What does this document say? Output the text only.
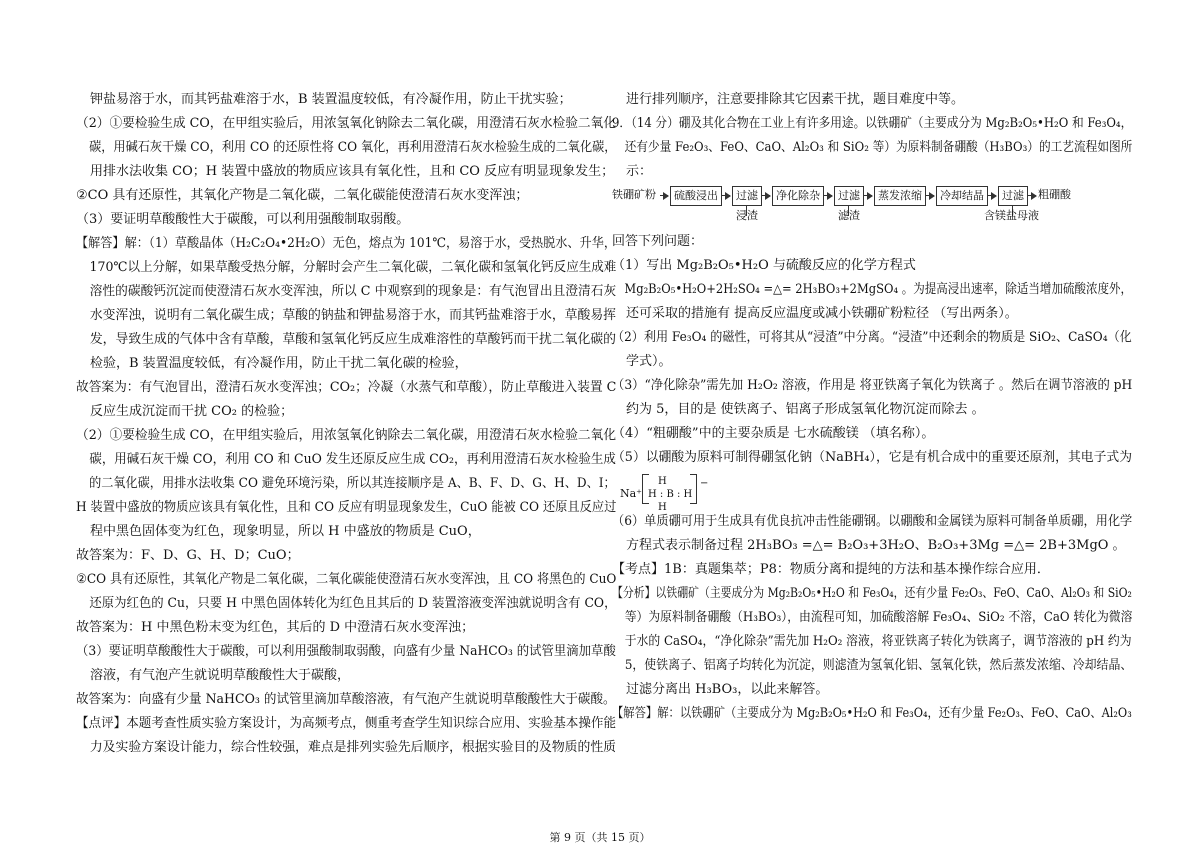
钾盐易溶于水，而其钙盐难溶于水，B 装置温度较低，有冷凝作用，防止干扰实验；
（2）①要检验生成 CO，在甲组实验后，用浓氢氧化钠除去二氧化碳，用澄清石灰水检验二氧化
碳，用碱石灰干燥 CO，利用 CO 的还原性将 CO 氧化，再利用澄清石灰水检验生成的二氧化碳，
用排水法收集 CO；H 装置中盛放的物质应该具有氧化性，且和 CO 反应有明显现象发生；
②CO 具有还原性，其氧化产物是二氧化碳，二氧化碳能使澄清石灰水变浑浊；
（3）要证明草酸酸性大于碳酸，可以利用强酸制取弱酸。
【解答】解：（1）草酸晶体（H₂C₂O₄•2H₂O）无色，熔点为 101℃，易溶于水，受热脱水、升华，
170℃以上分解，如果草酸受热分解，分解时会产生二氧化碳，二氧化碳和氢氧化钙反应生成难
溶性的碳酸钙沉淀而使澄清石灰水变浑浊，所以 C 中观察到的现象是：有气泡冒出且澄清石灰
水变浑浊，说明有二氧化碳生成；草酸的钠盐和钾盐易溶于水，而其钙盐难溶于水，草酸易挥
发，导致生成的气体中含有草酸，草酸和氢氧化钙反应生成难溶性的草酸钙而干扰二氧化碳的
检验，B 装置温度较低，有冷凝作用，防止干扰二氧化碳的检验，
故答案为：有气泡冒出，澄清石灰水变浑浊；CO₂；冷凝（水蒸气和草酸），防止草酸进入装置 C
反应生成沉淀而干扰 CO₂ 的检验；
（2）①要检验生成 CO，在甲组实验后，用浓氢氧化钠除去二氧化碳，用澄清石灰水检验二氧化
碳，用碱石灰干燥 CO，利用 CO 和 CuO 发生还原反应生成 CO₂，再利用澄清石灰水检验生成
的二氧化碳，用排水法收集 CO 避免环境污染，所以其连接顺序是 A、B、F、D、G、H、D、I；
H 装置中盛放的物质应该具有氧化性，且和 CO 反应有明显现象发生，CuO 能被 CO 还原且反应过
程中黑色固体变为红色，现象明显，所以 H 中盛放的物质是 CuO，
故答案为：F、D、G、H、D；CuO；
②CO 具有还原性，其氧化产物是二氧化碳，二氧化碳能使澄清石灰水变浑浊，且 CO 将黑色的 CuO
还原为红色的 Cu，只要 H 中黑色固体转化为红色且其后的 D 装置溶液变浑浊就说明含有 CO，
故答案为：H 中黑色粉末变为红色，其后的 D 中澄清石灰水变浑浊；
（3）要证明草酸酸性大于碳酸，可以利用强酸制取弱酸，向盛有少量 NaHCO₃ 的试管里滴加草酸
溶液，有气泡产生就说明草酸酸性大于碳酸，
故答案为：向盛有少量 NaHCO₃ 的试管里滴加草酸溶液，有气泡产生就说明草酸酸性大于碳酸。
【点评】本题考查性质实验方案设计，为高频考点，侧重考查学生知识综合应用、实验基本操作能
力及实验方案设计能力，综合性较强，难点是排列实验先后顺序，根据实验目的及物质的性质
进行排列顺序，注意要排除其它因素干扰，题目难度中等。
9．（14 分）硼及其化合物在工业上有许多用途。以铁硼矿（主要成分为 Mg₂B₂O₅•H₂O 和 Fe₃O₄，
还有少量 Fe₂O₃、FeO、CaO、Al₂O₃ 和 SiO₂ 等）为原料制备硼酸（H₃BO₃）的工艺流程如图所
示：
铁硼矿粉	硫酸浸出	过滤
浸渣
净化除杂	过滤
滤渣
蒸发浓缩	冷却结晶	过滤
含镁盐母液
粗硼酸
回答下列问题：
（1）写出 Mg₂B₂O₅•H₂O 与硫酸反应的化学方程式
Mg₂B₂O₅•H₂O+2H₂SO₄ =△= 2H₃BO₃+2MgSO₄ 。为提高浸出速率，除适当增加硫酸浓度外，
还可采取的措施有 提高反应温度或减小铁硼矿粉粒径 （写出两条）。
（2）利用 Fe₃O₄ 的磁性，可将其从“浸渣”中分离。“浸渣”中还剩余的物质是 SiO₂、CaSO₄（化
学式）。
（3）“净化除杂”需先加 H₂O₂ 溶液，作用是 将亚铁离子氧化为铁离子 。然后在调节溶液的 pH
约为 5，目的是 使铁离子、铝离子形成氢氧化物沉淀而除去 。
（4）“粗硼酸”中的主要杂质是 七水硫酸镁 （填名称）。
（5）以硼酸为原料可制得硼氢化钠（NaBH₄），它是有机合成中的重要还原剂，其电子式为
Na⁺
H
H : B : H
H
−
（6）单质硼可用于生成具有优良抗冲击性能硼钢。以硼酸和金属镁为原料可制备单质硼，用化学
方程式表示制备过程 2H₃BO₃ =△= B₂O₃+3H₂O、B₂O₃+3Mg =△= 2B+3MgO 。
【考点】1B：真题集萃；P8：物质分离和提纯的方法和基本操作综合应用．
【分析】以铁硼矿（主要成分为 Mg₂B₂O₅•H₂O 和 Fe₃O₄，还有少量 Fe₂O₃、FeO、CaO、Al₂O₃ 和 SiO₂
等）为原料制备硼酸（H₃BO₃），由流程可知，加硫酸溶解 Fe₃O₄、SiO₂ 不溶，CaO 转化为微溶
于水的 CaSO₄，“净化除杂”需先加 H₂O₂ 溶液，将亚铁离子转化为铁离子，调节溶液的 pH 约为
5，使铁离子、铝离子均转化为沉淀，则滤渣为氢氧化铝、氢氧化铁，然后蒸发浓缩、冷却结晶、
过滤分离出 H₃BO₃，以此来解答。
【解答】解：以铁硼矿（主要成分为 Mg₂B₂O₅•H₂O 和 Fe₃O₄，还有少量 Fe₂O₃、FeO、CaO、Al₂O₃
第 9 页（共 15 页）
